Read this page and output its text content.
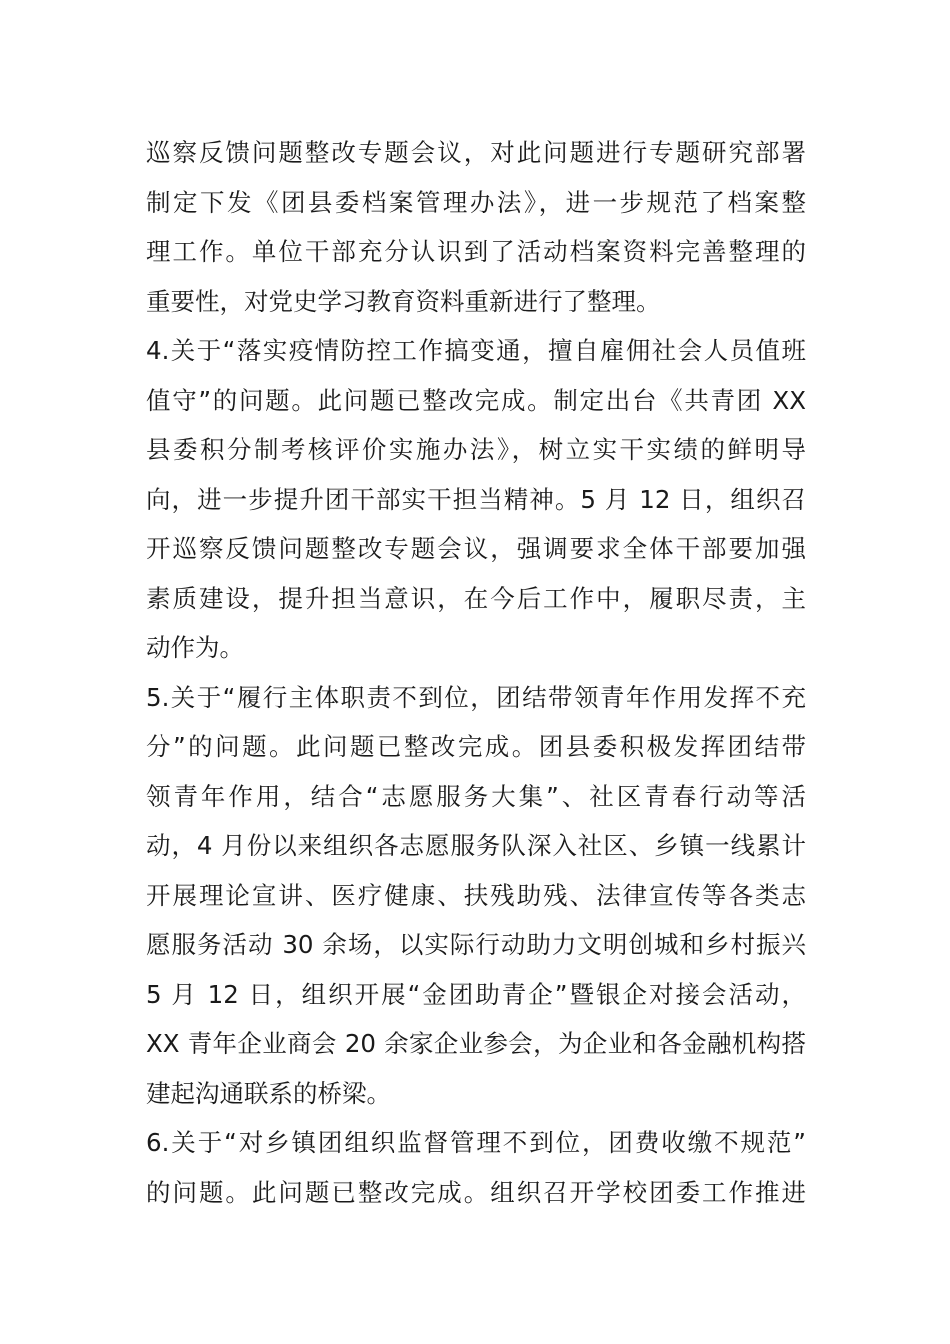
巡察反馈问题整改专题会议，对此问题进行专题研究部署
制定下发《团县委档案管理办法》，进一步规范了档案整
理工作。单位干部充分认识到了活动档案资料完善整理的
重要性，对党史学习教育资料重新进行了整理。
4.关于“落实疫情防控工作搞变通，擅自雇佣社会人员值班
值守”的问题。此问题已整改完成。制定出台《共青团 XX
县委积分制考核评价实施办法》，树立实干实绩的鲜明导
向，进一步提升团干部实干担当精神。5 月 12 日，组织召
开巡察反馈问题整改专题会议，强调要求全体干部要加强
素质建设，提升担当意识，在今后工作中，履职尽责，主
动作为。
5.关于“履行主体职责不到位，团结带领青年作用发挥不充
分”的问题。此问题已整改完成。团县委积极发挥团结带
领青年作用，结合“志愿服务大集”、社区青春行动等活
动，4 月份以来组织各志愿服务队深入社区、乡镇一线累计
开展理论宣讲、医疗健康、扶残助残、法律宣传等各类志
愿服务活动 30 余场，以实际行动助力文明创城和乡村振兴
5 月 12 日，组织开展“金团助青企”暨银企对接会活动，
XX 青年企业商会 20 余家企业参会，为企业和各金融机构搭
建起沟通联系的桥梁。
6.关于“对乡镇团组织监督管理不到位，团费收缴不规范”
的问题。此问题已整改完成。组织召开学校团委工作推进
